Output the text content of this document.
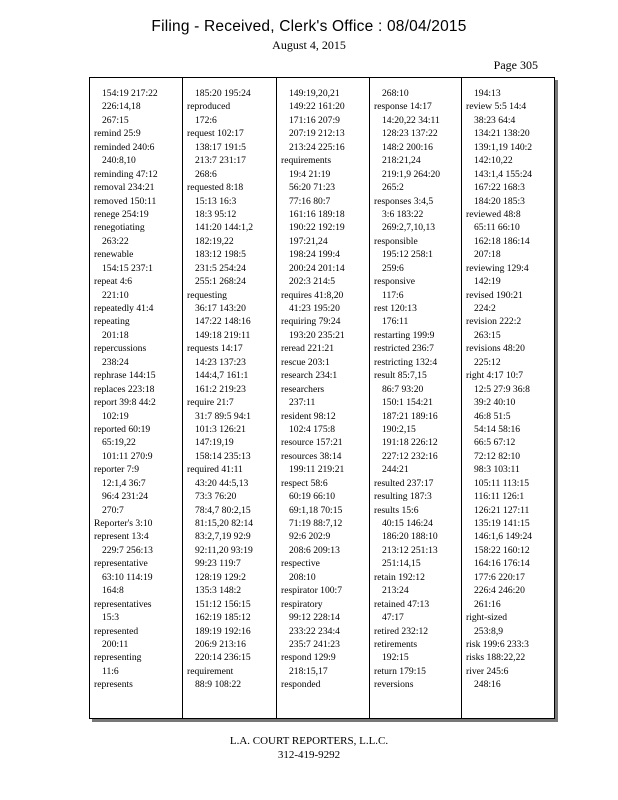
Filing - Received, Clerk's Office : 08/04/2015
August 4, 2015
Page 305
154:19 217:22
226:14,18
267:15
remind 25:9
reminded 240:6
240:8,10
reminding 47:12
removal 234:21
removed 150:11
renege 254:19
renegotiating
263:22
renewable
154:15 237:1
repeat 4:6
221:10
repeatedly 41:4
repeating
201:18
repercussions
238:24
rephrase 144:15
replaces 223:18
report 39:8 44:2
102:19
reported 60:19
65:19,22
101:11 270:9
reporter 7:9
12:1,4 36:7
96:4 231:24
270:7
Reporter's 3:10
represent 13:4
229:7 256:13
representative
63:10 114:19
164:8
representatives
15:3
represented
200:11
representing
11:6
represents
185:20 195:24
reproduced
172:6
request 102:17
138:17 191:5
213:7 231:17
268:6
requested 8:18
15:13 16:3
18:3 95:12
141:20 144:1,2
182:19,22
183:12 198:5
231:5 254:24
255:1 268:24
requesting
36:17 143:20
147:22 148:16
149:18 219:11
requests 14:17
14:23 137:23
144:4,7 161:1
161:2 219:23
require 21:7
31:7 89:5 94:1
101:3 126:21
147:19,19
158:14 235:13
required 41:11
43:20 44:5,13
73:3 76:20
78:4,7 80:2,15
81:15,20 82:14
83:2,7,19 92:9
92:11,20 93:19
99:23 119:7
128:19 129:2
135:3 148:2
151:12 156:15
162:19 185:12
189:19 192:16
206:9 213:16
220:14 236:15
requirement
88:9 108:22
149:19,20,21
149:22 161:20
171:16 207:9
207:19 212:13
213:24 225:16
requirements
19:4 21:19
56:20 71:23
77:16 80:7
161:16 189:18
190:22 192:19
197:21,24
198:24 199:4
200:24 201:14
202:3 214:5
requires 41:8,20
41:23 195:20
requiring 79:24
193:20 235:21
reread 221:21
rescue 203:1
research 234:1
researchers
237:11
resident 98:12
102:4 175:8
resource 157:21
resources 38:14
199:11 219:21
respect 58:6
60:19 66:10
69:1,18 70:15
71:19 88:7,12
92:6 202:9
208:6 209:13
respective
208:10
respirator 100:7
respiratory
99:12 228:14
233:22 234:4
235:7 241:23
respond 129:9
218:15,17
responded
268:10
response 14:17
14:20,22 34:11
128:23 137:22
148:2 200:16
218:21,24
219:1,9 264:20
265:2
responses 3:4,5
3:6 183:22
269:2,7,10,13
responsible
195:12 258:1
259:6
responsive
117:6
rest 120:13
176:11
restarting 199:9
restricted 236:7
restricting 132:4
result 85:7,15
86:7 93:20
150:1 154:21
187:21 189:16
190:2,15
191:18 226:12
227:12 232:16
244:21
resulted 237:17
resulting 187:3
results 15:6
40:15 146:24
186:20 188:10
213:12 251:13
251:14,15
retain 192:12
213:24
retained 47:13
47:17
retired 232:12
retirements
192:15
return 179:15
reversions
194:13
review 5:5 14:4
38:23 64:4
134:21 138:20
139:1,19 140:2
142:10,22
143:1,4 155:24
167:22 168:3
184:20 185:3
reviewed 48:8
65:11 66:10
162:18 186:14
207:18
reviewing 129:4
142:19
revised 190:21
224:2
revision 222:2
263:15
revisions 48:20
225:12
right 4:17 10:7
12:5 27:9 36:8
39:2 40:10
46:8 51:5
54:14 58:16
66:5 67:12
72:12 82:10
98:3 103:11
105:11 113:15
116:11 126:1
126:21 127:11
135:19 141:15
146:1,6 149:24
158:22 160:12
164:16 176:14
177:6 220:17
226:4 246:20
261:16
right-sized
253:8,9
risk 199:6 233:3
risks 188:22,22
river 245:6
248:16
L.A. COURT REPORTERS, L.L.C.
312-419-9292
